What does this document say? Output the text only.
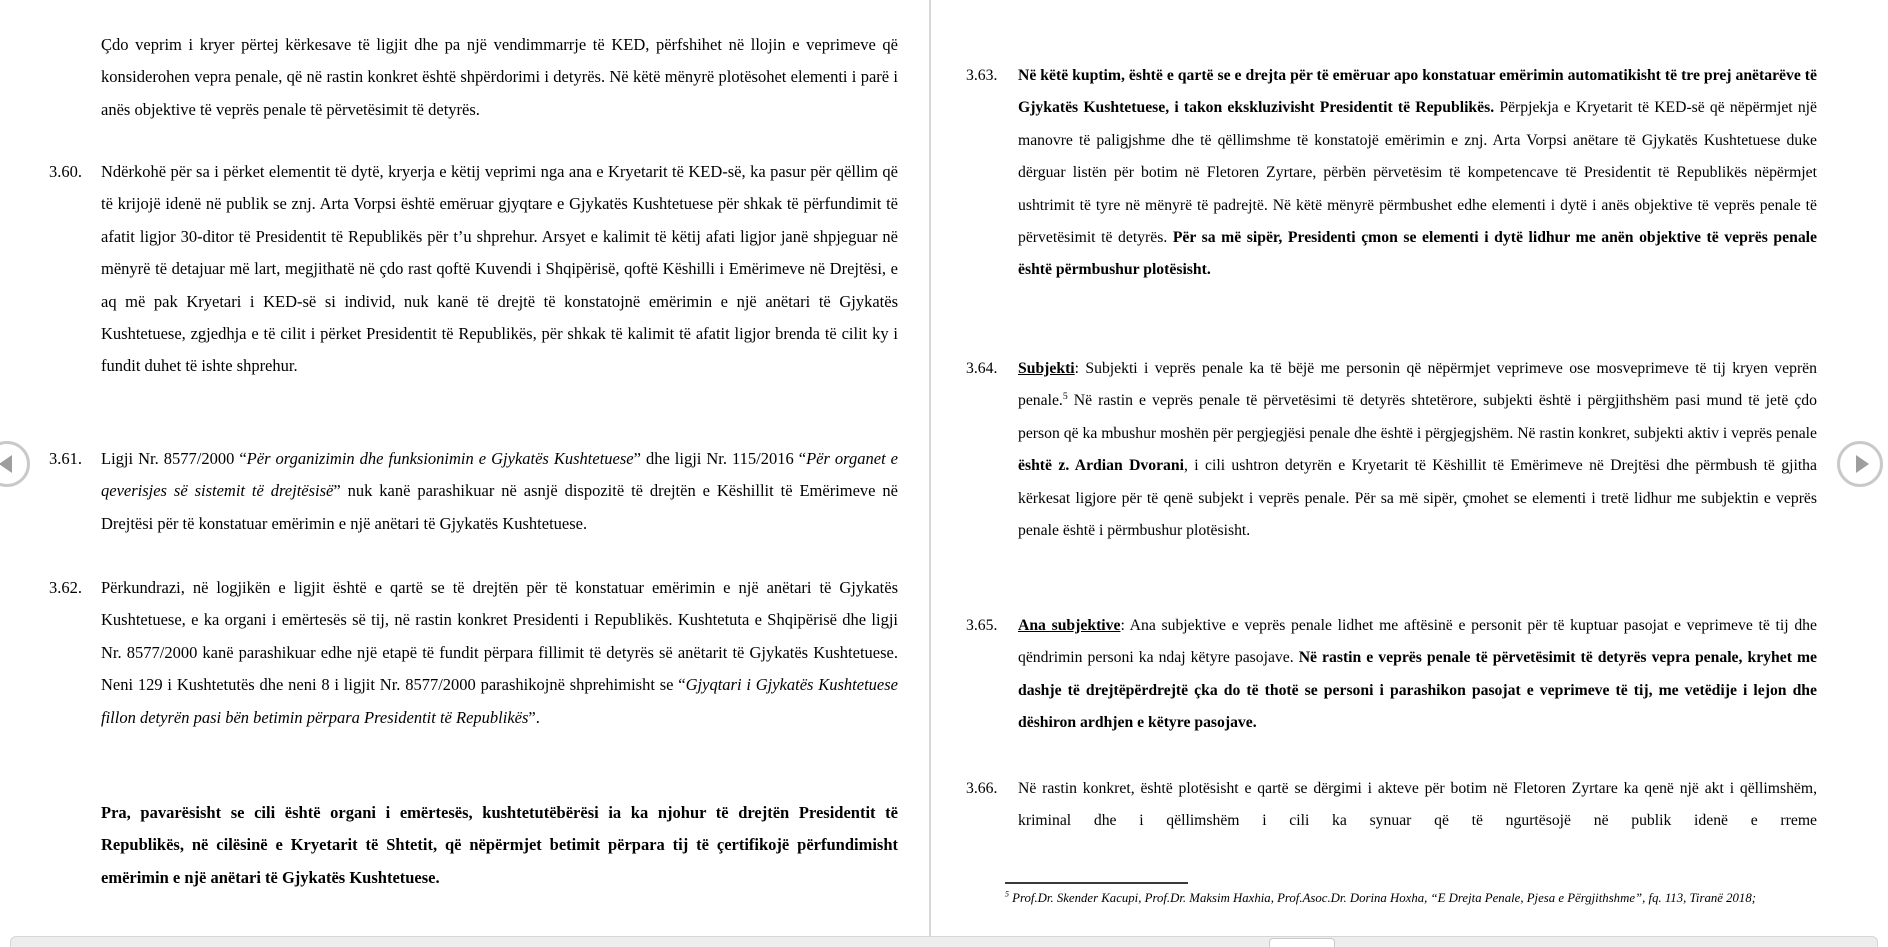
Çdo veprim i kryer përtej kërkesave të ligjit dhe pa një vendimmarrje të KED, përfshihet në llojin e veprimeve që konsiderohen vepra penale, që në rastin konkret është shpërdorimi i detyrës. Në këtë mënyrë plotësohet elementi i parë i anës objektive të veprës penale të përvetësimit të detyrës.
3.60. Ndërkohë për sa i përket elementit të dytë, kryerja e këtij veprimi nga ana e Kryetarit të KED-së, ka pasur për qëllim që të krijojë idenë në publik se znj. Arta Vorpsi është emëruar gjyqtare e Gjykatës Kushtetuese për shkak të përfundimit të afatit ligjor 30-ditor të Presidentit të Republikës për t’u shprehur. Arsyet e kalimit të këtij afati ligjor janë shpjeguar në mënyrë të detajuar më lart, megjithatë në çdo rast qoftë Kuvendi i Shqipërisë, qoftë Këshilli i Emërimeve në Drejtësi, e aq më pak Kryetari i KED-së si individ, nuk kanë të drejtë të konstatojnë emërimin e një anëtari të Gjykatës Kushtetuese, zgjedhja e të cilit i përket Presidentit të Republikës, për shkak të kalimit të afatit ligjor brenda të cilit ky i fundit duhet të ishte shprehur.
3.61. Ligji Nr. 8577/2000 “Për organizimin dhe funksionimin e Gjykatës Kushtetuese” dhe ligji Nr. 115/2016 “Për organet e qeverisjes së sistemit të drejtësisë” nuk kanë parashikuar në asnjë dispozitë të drejtën e Këshillit të Emërimeve në Drejtësi për të konstatuar emërimin e një anëtari të Gjykatës Kushtetuese.
3.62. Përkundrazi, në logjikën e ligjit është e qartë se të drejtën për të konstatuar emërimin e një anëtari të Gjykatës Kushtetuese, e ka organi i emërtesës së tij, në rastin konkret Presidenti i Republikës. Kushtetuta e Shqipërisë dhe ligji Nr. 8577/2000 kanë parashikuar edhe një etapë të fundit përpara fillimit të detyrës së anëtarit të Gjykatës Kushtetuese. Neni 129 i Kushtetutës dhe neni 8 i ligjit Nr. 8577/2000 parashikojnë shprehimisht se “Gjyqtari i Gjykatës Kushtetuese fillon detyrën pasi bën betimin përpara Presidentit të Republikës”.
Pra, pavarësisht se cili është organi i emërtesës, kushtetutëbërësi ia ka njohur të drejtën Presidentit të Republikës, në cilësinë e Kryetarit të Shtetit, që nëpërmjet betimit përpara tij të çertifikojë përfundimisht emërimin e një anëtari të Gjykatës Kushtetuese.
3.63. Në këtë kuptim, është e qartë se e drejta për të emëruar apo konstatuar emërimin automatikisht të tre prej anëtarëve të Gjykatës Kushtetuese, i takon ekskluzivisht Presidentit të Republikës. Përpjekja e Kryetarit të KED-së që nëpërmjet një manovre të paligjshme dhe të qëllimshme të konstatojë emërimin e znj. Arta Vorpsi anëtare të Gjykatës Kushtetuese duke dërguar listën për botim në Fletoren Zyrtare, përbën përvetësim të kompetencave të Presidentit të Republikës nëpërmjet ushtrimit të tyre në mënyrë të padrejtë. Në këtë mënyrë përmbushet edhe elementi i dytë i anës objektive të veprës penale të përvetësimit të detyrës. Për sa më sipër, Presidenti çmon se elementi i dytë lidhur me anën objektive të veprës penale është përmbushur plotësisht.
3.64. Subjekti: Subjekti i veprës penale ka të bëjë me personin që nëpërmjet veprimeve ose mosveprimeve të tij kryen veprën penale.$^5$ Në rastin e veprës penale të përvetësimi të detyrës shtetërore, subjekti është i përgjithshëm pasi mund të jetë çdo person që ka mbushur moshën për pergjegjësi penale dhe është i përgjegjshëm. Në rastin konkret, subjekti aktiv i veprës penale është z. Ardian Dvorani, i cili ushtron detyrën e Kryetarit të Këshillit të Emërimeve në Drejtësi dhe përmbush të gjitha kërkesat ligjore për të qenë subjekt i veprës penale. Për sa më sipër, çmohet se elementi i tretë lidhur me subjektin e veprës penale është i përmbushur plotësisht.
3.65. Ana subjektive: Ana subjektive e veprës penale lidhet me aftësinë e personit për të kuptuar pasojat e veprimeve të tij dhe qëndrimin personi ka ndaj këtyre pasojave. Në rastin e veprës penale të përvetësimit të detyrës vepra penale, kryhet me dashje të drejtëpërdrejtë çka do të thotë se personi i parashikon pasojat e veprimeve të tij, me vetëdije i lejon dhe dëshiron ardhjen e këtyre pasojave.
3.66. Në rastin konkret, është plotësisht e qartë se dërgimi i akteve për botim në Fletoren Zyrtare ka qenë një akt i qëllimshëm, kriminal dhe i qëllimshëm i cili ka synuar që të ngurtësojë në publik idenë e rreme
$^5$ Prof.Dr. Skender Kacupi, Prof.Dr. Maksim Haxhia, Prof.Asoc.Dr. Dorina Hoxha, “E Drejta Penale, Pjesa e Përgjithshme”, fq. 113, Tiranë 2018;
